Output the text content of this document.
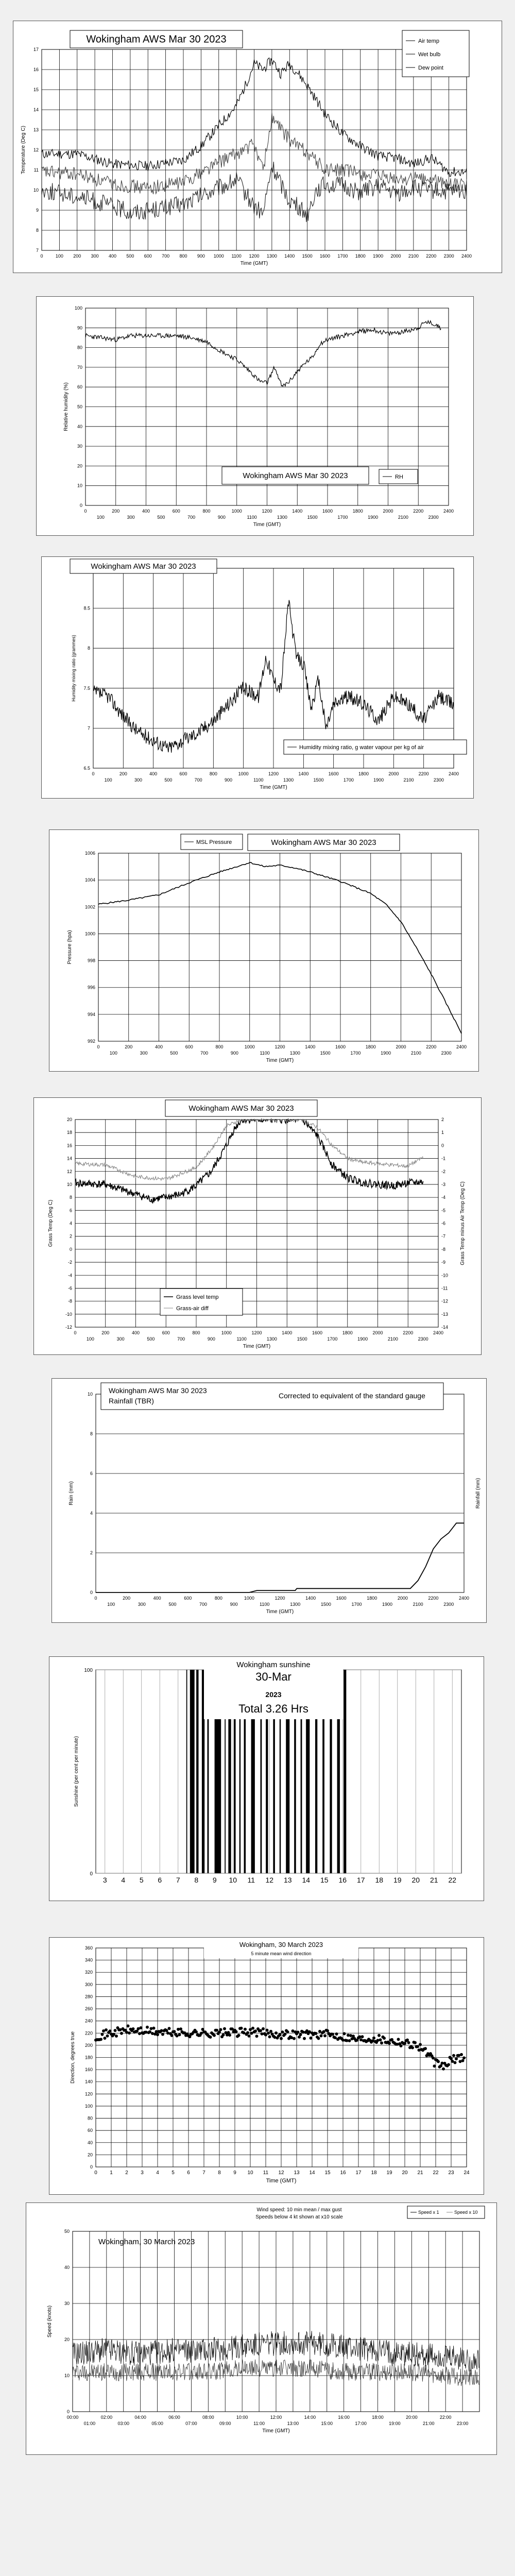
7
8
9
10
11
12
13
14
15
16
17
0	100 200 300 400 500 600 700 800 900 1000 1100 1200 1300 1400 1500 1600 1700 1800 1900 2000 2100 2200 2300 2400
Time (GMT)
Temperature (Deg C)
Wokingham AWS Mar 30 2023	Air temp
Wet bulb
Dew point
0
10
20
30
40
50
60
70
80
90
100
0	200	400	600	800	1000	1200	1400	1600	1800	2000	2200	2400
100	300	500	700	900	1100	1300	1500	1700	1900	2100	2300
Time (GMT)
Relative humidity (%)
Wokingham AWS Mar 30 2023	RH
6.5
7
7.5
8
8.5
0	200	400	600	800	1000	1200	1400	1600	1800	2000	2200	2400
100	300	500	700	900	1100	1300	1500	1700	1900	2100	2300
Time (GMT)
Humidity mixing ratio (grammes)
Wokingham AWS Mar 30 2023
Humidity mixing ratio, g water vapour per kg of air
992
994
996
998
1000
1002
1004
1006
0	200	400	600	800	1000	1200	1400	1600	1800	2000	2200	2400
100	300	500	700	900	1100	1300	1500	1700	1900	2100	2300
Time (GMT)
Pressure (hpa)
MSL Pressure	Wokingham AWS Mar 30 2023
-12
-10
-8
-6
-4
-2
0
2
4
6
8
10
12
14
16
18
20
-14
-13
-12
-11
-10
-9
-8
-7
-6
-5
-4
-3
-2
-1
0
1
2
0	200	400	600	800	1000	1200	1400	1600	1800	2000	2200	2400
100	300	500	700	900	1100	1300	1500	1700	1900	2100	2300
Time (GMT)
Grass Temp (Deg C)	Grass Temp minus Air Temp (Deg C)
Wokingham AWS Mar 30 2023
Grass level temp
Grass-air diff
0
2
4
6
8
10
0	200	400	600	800	1000	1200	1400	1600	1800	2000	2200	2400
100	300	500	700	900	1100	1300	1500	1700	1900	2100	2300
Time (GMT)
Rain (mm)	Rainfall (mm)
Wokingham AWS Mar 30 2023
Rainfall (TBR)
Corrected to equivalent of the standard gauge
3 4 5 6 7 8 9 10 11 12 13 14 15 16 17 18 19 20 21 22
0
100
Sunshine (per cent per minute)
Wokingham sunshine
30-Mar
2023
Total 3.26 Hrs
0
20
40
60
80
100
120
140
160
180
200
220
240
260
280
300
320
340
360
0 1 2 3 4 5 6 7 8 9 10 11 12 13 14 15 16 17 18 19 20 21 22 23 24
Time (GMT)
Direction, degrees true
Wokingham, 30 March 2023
5 minute mean wind direction
0
10
20
30
40
50
00:00	02:00	04:00	06:00	08:00	10:00	12:00	14:00	16:00	18:00	20:00	22:00
01:00	03:00	05:00	07:00	09:00	11:00	13:00	15:00	17:00	19:00	21:00	23:00
Time (GMT)
Speed (knots)
Wokingham, 30 March 2023
Wind speed: 10 min mean / max gust
Speeds below 4 kt shown at x10 scale
Speed x 1	Speed x 10
